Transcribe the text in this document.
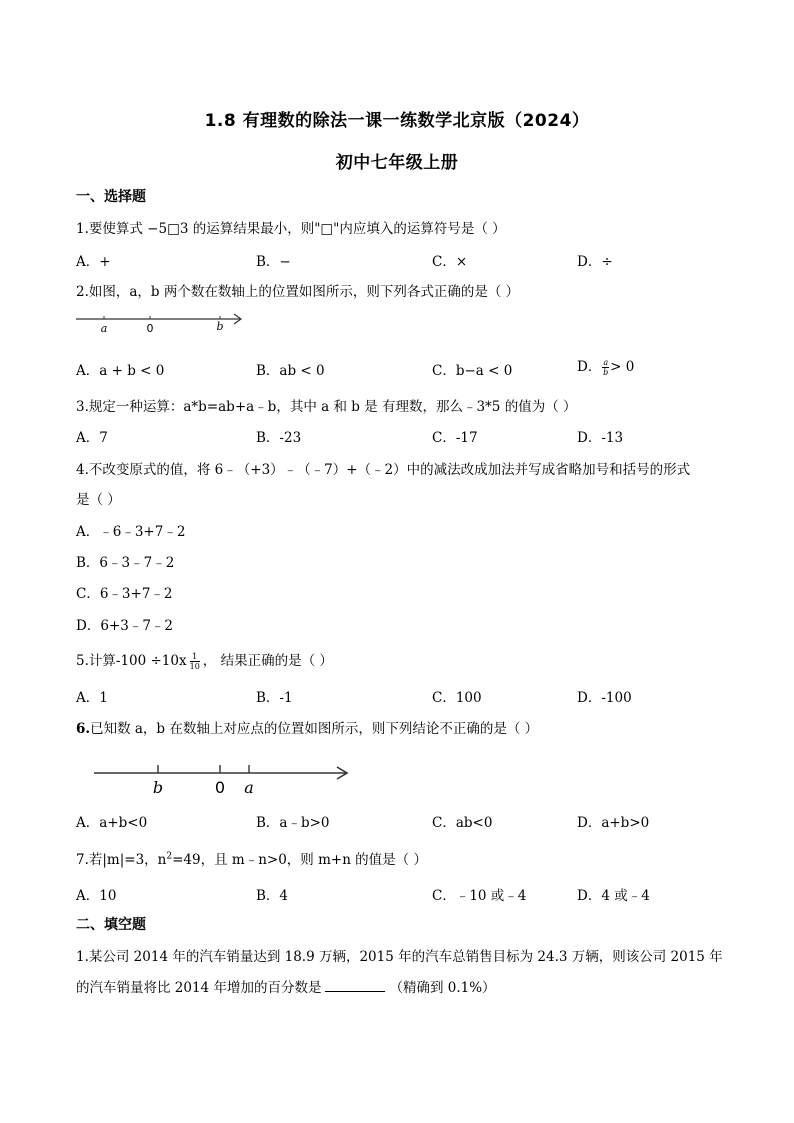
1.8 有理数的除法一课一练数学北京版（2024）
初中七年级上册
一、选择题
1.要使算式 −5□3 的运算结果最小，则"□"内应填入的运算符号是（ ）
A．+	B．−	C．×	D．÷
2.如图，a，b 两个数在数轴上的位置如图所示，则下列各式正确的是（ ）
a	0	b
A．a + b < 0	B．ab < 0	C．b−a < 0	D． $\frac{a}{b} > 0$
3.规定一种运算：a*b=ab+a﹣b，其中 a 和 b 是 有理数，那么﹣3*5 的值为（ ）
A．7	B．-23	C．-17	D．-13
4.不改变原式的值，将 6﹣（+3）﹣（﹣7）+（﹣2）中的减法改成加法并写成省略加号和括号的形式
是（ ）
A．﹣6﹣3+7﹣2
B．6﹣3﹣7﹣2
C．6﹣3+7﹣2
D．6+3﹣7﹣2
5.计算$-100 \div 10x \frac{1}{10}$ ， 结果正确的是（ ）
A．1	B．-1	C．100	D．-100
6.已知数 a，b 在数轴上对应点的位置如图所示，则下列结论不正确的是（ ）
b	0 a
A．a+b<0	B．a﹣b>0	C．ab<0	D．a+b>0
7.若|m|=3，$n^2=49$，且 m﹣n>0，则 m+n 的值是（ ）
A．10	B．4	C．﹣10 或﹣4	D．4 或﹣4
二、填空题
1.某公司 2014 年的汽车销量达到 18.9 万辆，2015 年的汽车总销售目标为 24.3 万辆，则该公司 2015 年
的汽车销量将比 2014 年增加的百分数是	（精确到 0.1%）
